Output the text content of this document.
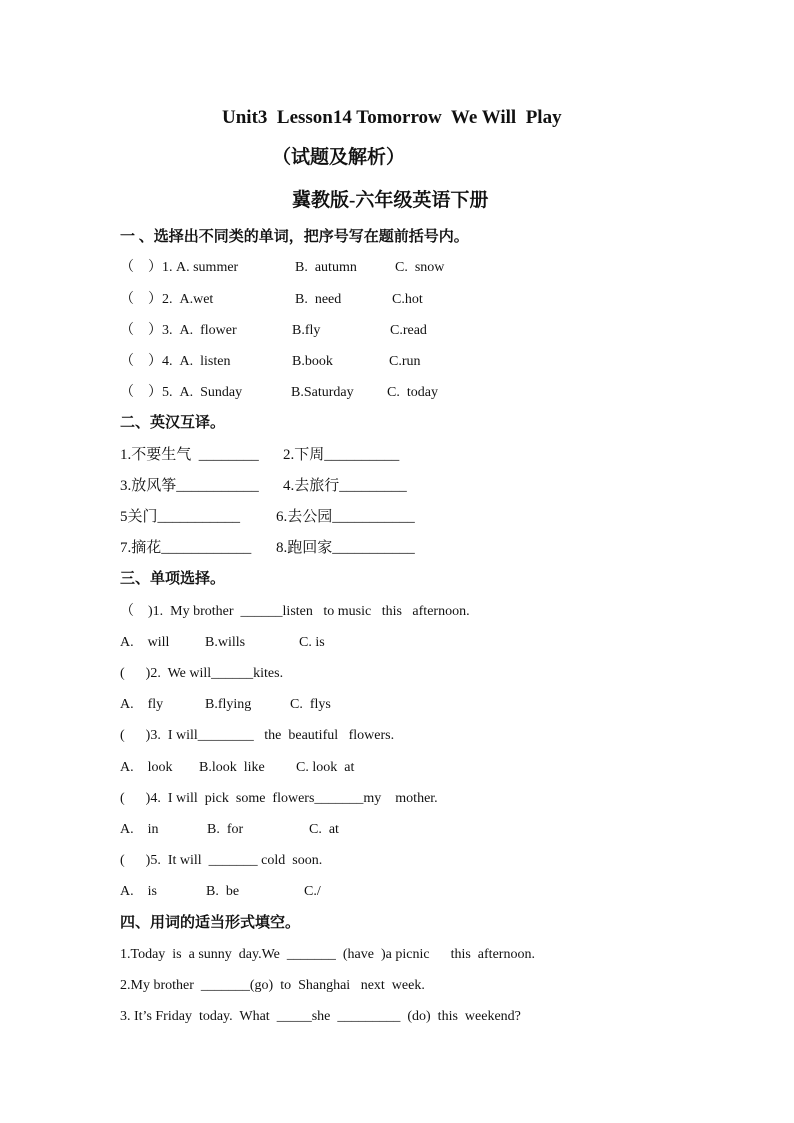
Unit3  Lesson14 Tomorrow  We Will  Play
（试题及解析）
冀教版-六年级英语下册
一 、选择出不同类的单词，把序号写在题前括号内。
（    ）1. A. summer	B.  autumn	C.  snow
（    ）2.  A.wet	B.  need	C.hot
（    ）3.  A.  flower	B.fly	C.read
（    ）4.  A.  listen	B.book	C.run
（    ）5.  A.  Sunday	B.Saturday C.  today
二、英汉互译。
1.不要生气  ________ 2.下周__________
3.放风筝___________ 4.去旅行_________
5关门___________ 6.去公园___________
7.摘花____________ 8.跑回家___________
三、单项选择。
（    )1.  My brother  ______listen   to music   this   afternoon.
A.    will	B.wills	C. is
(      )2.  We will______kites.
A.    fly	B.flying	C.  flys
(      )3.  I will________   the  beautiful   flowers.
A.    look B.look  like C. look  at
(      )4.  I will  pick  some  flowers_______my    mother.
A.    in	B.  for	C.  at
(      )5.  It will  _______ cold  soon.
A.    is	B.  be	C./
四、用词的适当形式填空。
1.Today  is  a sunny  day.We  _______  (have  )a picnic      this  afternoon.
2.My brother  _______(go)  to  Shanghai   next  week.
3. It’s Friday  today.  What  _____she  _________  (do)  this  weekend?
